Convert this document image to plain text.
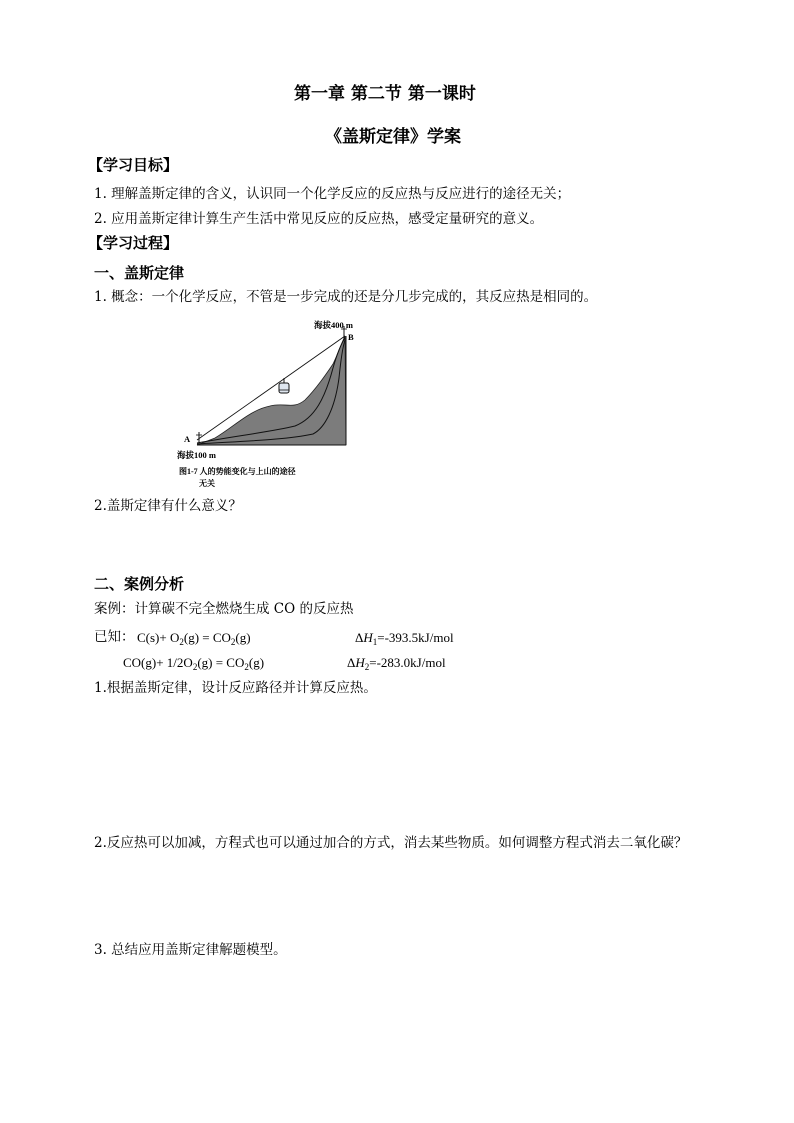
第一章 第二节 第一课时
《盖斯定律》学案
【学习目标】
1. 理解盖斯定律的含义，认识同一个化学反应的反应热与反应进行的途径无关；
2. 应用盖斯定律计算生产生活中常见反应的反应热，感受定量研究的意义。
【学习过程】
一、盖斯定律
1. 概念：一个化学反应，不管是一步完成的还是分几步完成的，其反应热是相同的。
海拔400 m
B
A
海拔100 m
图1-7 人的势能变化与上山的途径
无关
2.盖斯定律有什么意义？
二、案例分析
案例：计算碳不完全燃烧生成 CO 的反应热
已知： $C(s)+ O_2(g) = CO_2(g)$	$\Delta H_1=-393.5kJ$/mol
$CO(g)+ 1/2O_2(g) = CO_2(g)$	$\Delta H_2=-283.0kJ$/mol
1.根据盖斯定律，设计反应路径并计算反应热。
2.反应热可以加减，方程式也可以通过加合的方式，消去某些物质。如何调整方程式消去二氧化碳？
3. 总结应用盖斯定律解题模型。
